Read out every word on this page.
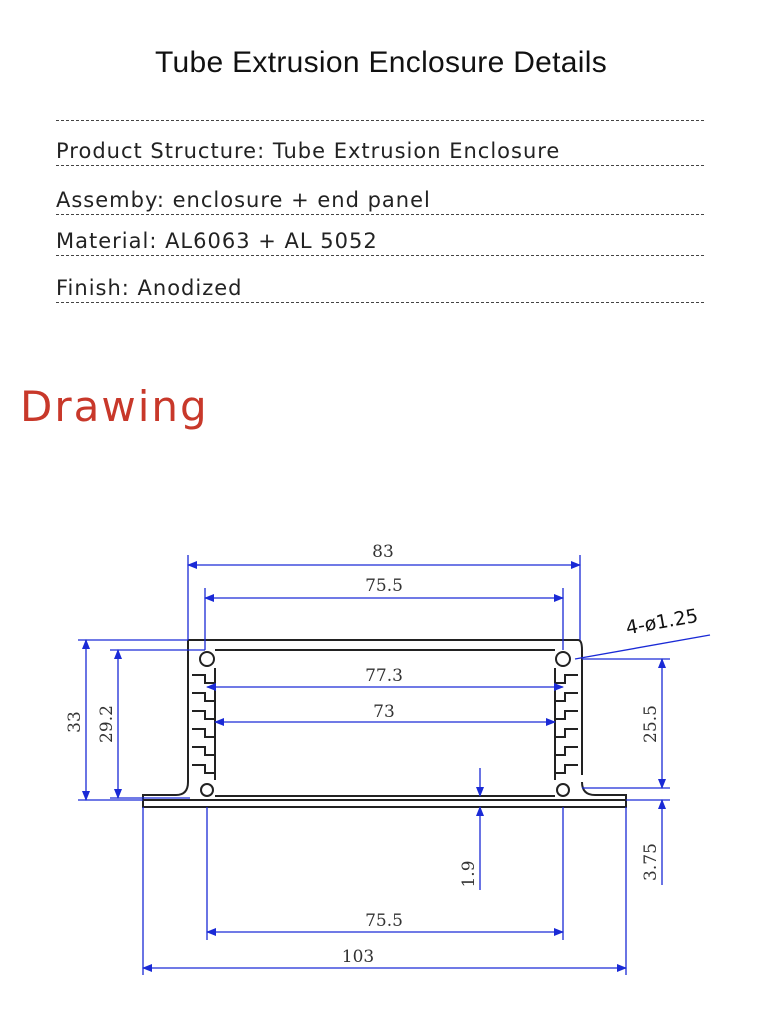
Tube Extrusion Enclosure Details
Product Structure: Tube Extrusion Enclosure
Assemby: enclosure + end panel
Material: AL6063 + AL 5052
Finish: Anodized
Drawing
83
75.5
77.3
73
4-ø1.25
33 29.2	25.5
3.75
1.9
75.5
103
